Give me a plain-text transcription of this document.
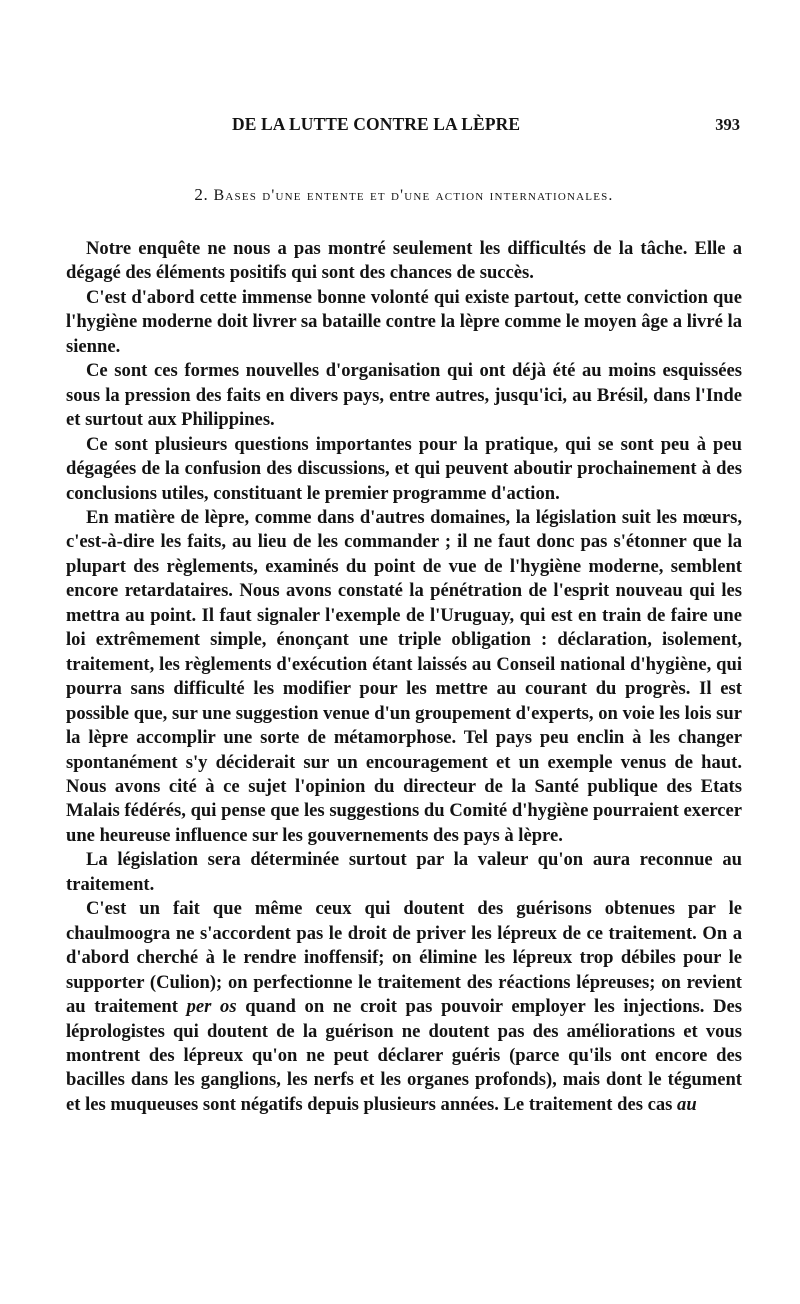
DE LA LUTTE CONTRE LA LÈPRE	393
2. Bases d'une entente et d'une action internationales.

Notre enquête ne nous a pas montré seulement les difficultés de la tâche. Elle a dégagé des éléments positifs qui sont des chances de succès.

C'est d'abord cette immense bonne volonté qui existe partout, cette conviction que l'hygiène moderne doit livrer sa bataille contre la lèpre comme le moyen âge a livré la sienne.

Ce sont ces formes nouvelles d'organisation qui ont déjà été au moins esquissées sous la pression des faits en divers pays, entre autres, jusqu'ici, au Brésil, dans l'Inde et surtout aux Philippines.

Ce sont plusieurs questions importantes pour la pratique, qui se sont peu à peu dégagées de la confusion des discussions, et qui peuvent aboutir prochainement à des conclusions utiles, constituant le premier programme d'action.

En matière de lèpre, comme dans d'autres domaines, la législation suit les mœurs, c'est-à-dire les faits, au lieu de les commander ; il ne faut donc pas s'étonner que la plupart des règlements, examinés du point de vue de l'hygiène moderne, semblent encore retardataires. Nous avons constaté la pénétration de l'esprit nouveau qui les mettra au point. Il faut signaler l'exemple de l'Uruguay, qui est en train de faire une loi extrêmement simple, énonçant une triple obligation : déclaration, isolement, traitement, les règlements d'exécution étant laissés au Conseil national d'hygiène, qui pourra sans difficulté les modifier pour les mettre au courant du progrès. Il est possible que, sur une suggestion venue d'un groupement d'experts, on voie les lois sur la lèpre accomplir une sorte de métamorphose. Tel pays peu enclin à les changer spontanément s'y déciderait sur un encouragement et un exemple venus de haut. Nous avons cité à ce sujet l'opinion du directeur de la Santé publique des Etats Malais fédérés, qui pense que les suggestions du Comité d'hygiène pourraient exercer une heureuse influence sur les gouvernements des pays à lèpre.

La législation sera déterminée surtout par la valeur qu'on aura reconnue au traitement.

C'est un fait que même ceux qui doutent des guérisons obtenues par le chaulmoogra ne s'accordent pas le droit de priver les lépreux de ce traitement. On a d'abord cherché à le rendre inoffensif; on élimine les lépreux trop débiles pour le supporter (Culion); on perfectionne le traitement des réactions lépreuses; on revient au traitement per os quand on ne croit pas pouvoir employer les injections. Des léprologistes qui doutent de la guérison ne doutent pas des améliorations et vous montrent des lépreux qu'on ne peut déclarer guéris (parce qu'ils ont encore des bacilles dans les ganglions, les nerfs et les organes profonds), mais dont le tégument et les muqueuses sont négatifs depuis plusieurs années. Le traitement des cas au
